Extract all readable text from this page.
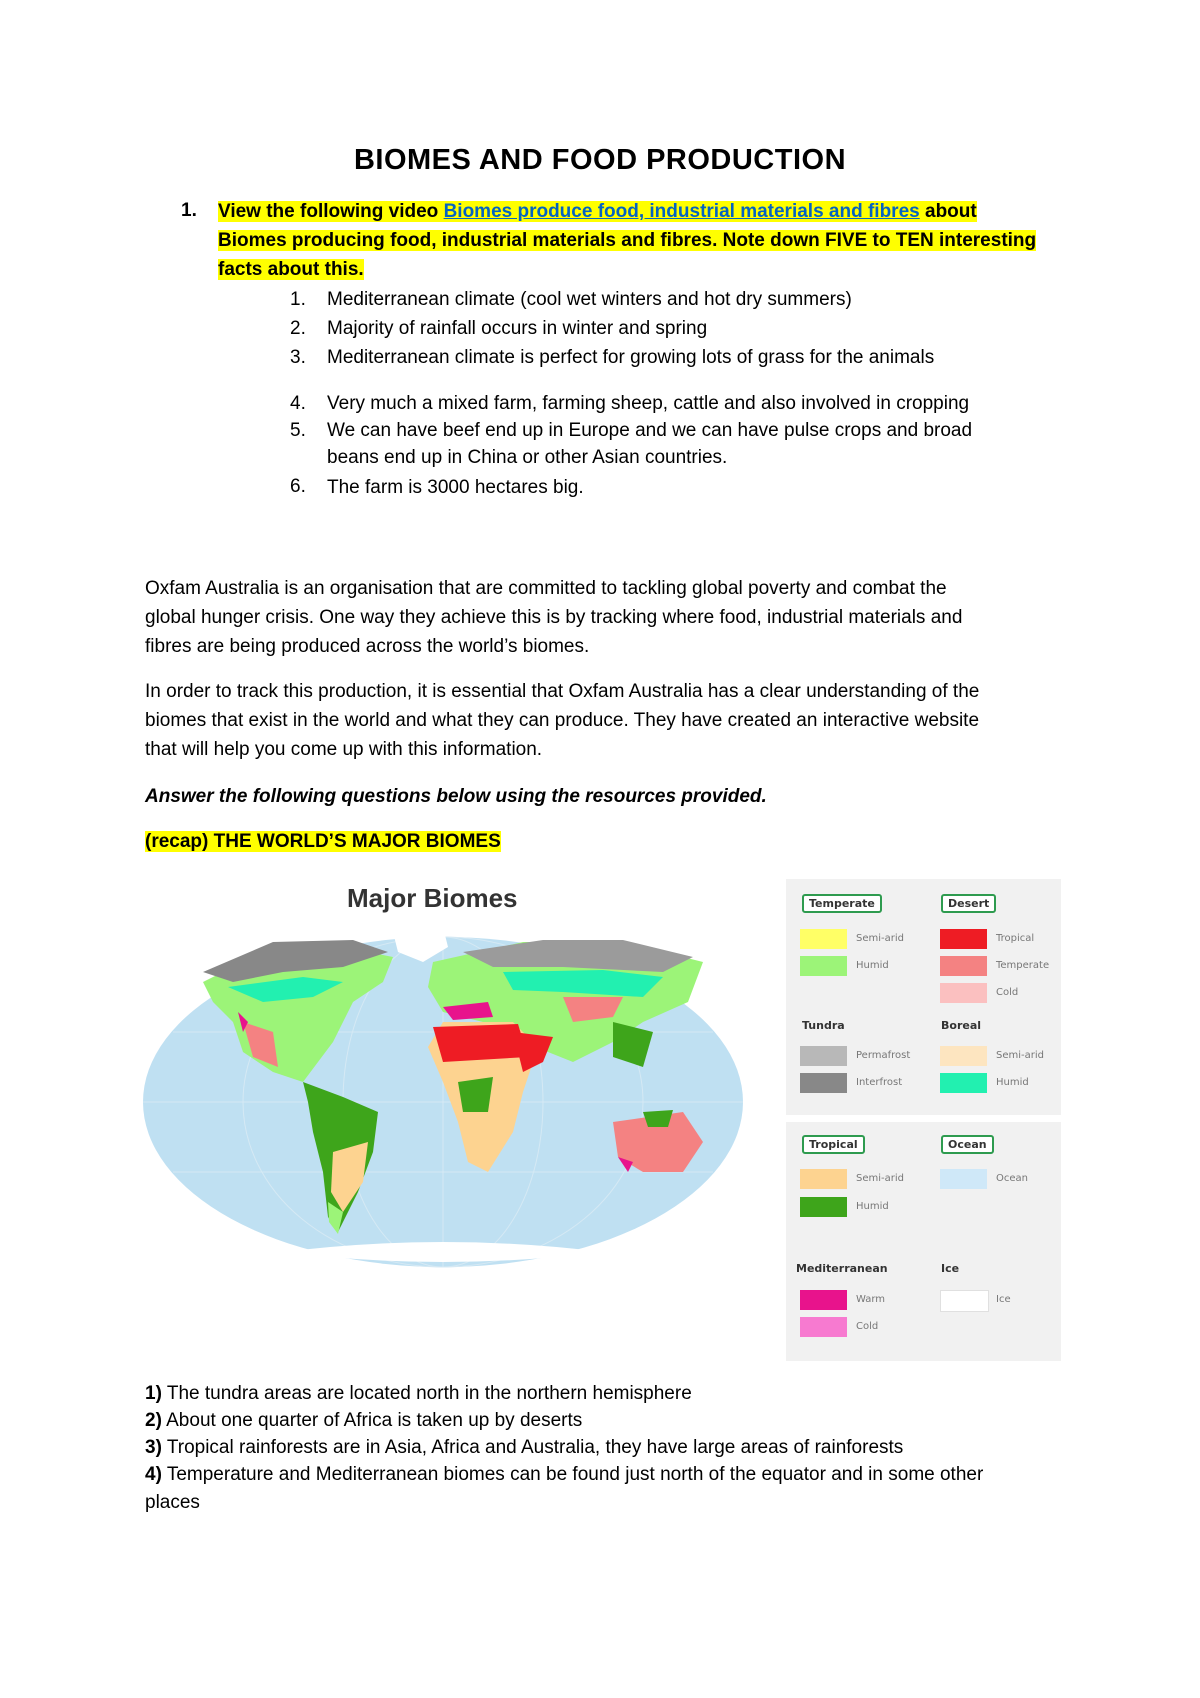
BIOMES AND FOOD PRODUCTION
1. View the following video Biomes produce food, industrial materials and fibres about
Biomes producing food, industrial materials and fibres. Note down FIVE to TEN interesting
facts about this.
1. Mediterranean climate (cool wet winters and hot dry summers)
2. Majority of rainfall occurs in winter and spring
3. Mediterranean climate is perfect for growing lots of grass for the animals
4. Very much a mixed farm, farming sheep, cattle and also involved in cropping
5. We can have beef end up in Europe and we can have pulse crops and broad
beans end up in China or other Asian countries.
6. The farm is 3000 hectares big.
Oxfam Australia is an organisation that are committed to tackling global poverty and combat the
global hunger crisis. One way they achieve this is by tracking where food, industrial materials and
fibres are being produced across the world’s biomes.
In order to track this production, it is essential that Oxfam Australia has a clear understanding of the
biomes that exist in the world and what they can produce. They have created an interactive website
that will help you come up with this information.
Answer the following questions below using the resources provided.
(recap) THE WORLD’S MAJOR BIOMES
Major Biomes	Temperate	Desert
Semi-arid
Humid
Tropical
Temperate
Cold
Tundra	Boreal
Permafrost
Interfrost
Semi-arid
Humid
Tropical	Ocean
Semi-arid
Humid
Ocean
Mediterranean	Ice
Warm
Cold
Ice
1) The tundra areas are located north in the northern hemisphere
2) About one quarter of Africa is taken up by deserts
3) Tropical rainforests are in Asia, Africa and Australia, they have large areas of rainforests
4) Temperature and Mediterranean biomes can be found just north of the equator and in some other
places
